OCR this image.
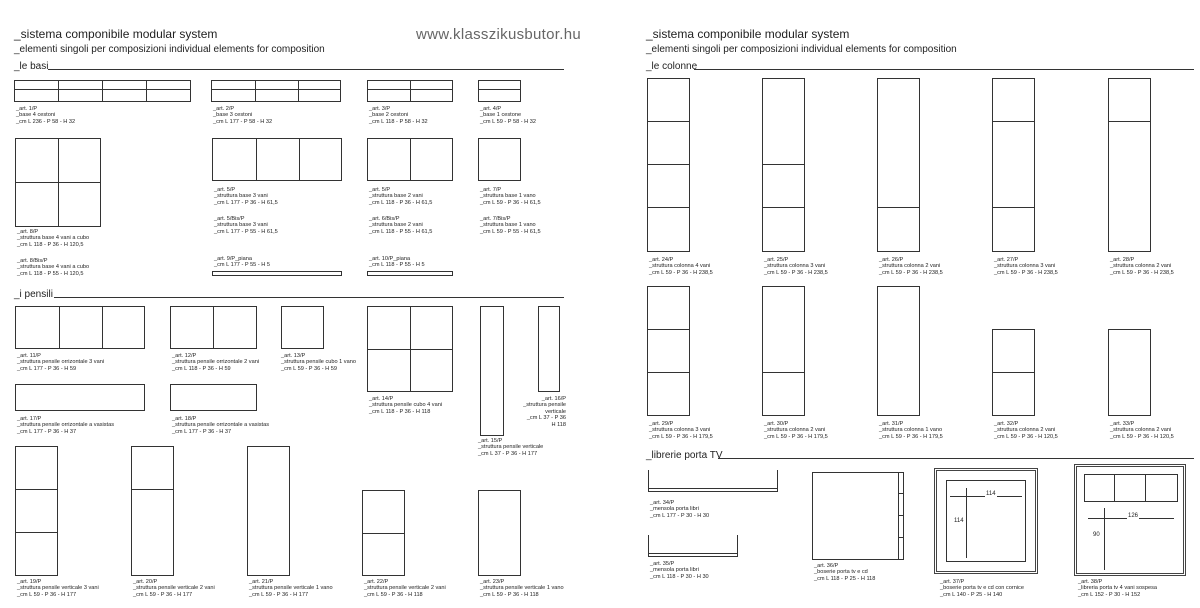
_sistema componibile modular system
_elementi singoli per composizioni individual elements for composition
www.klasszikusbutor.hu
_le basi
_art. 1/P
_base 4 cestoni
_cm L 236 - P 58 - H 32
_art. 2/P
_base 3 cestoni
_cm L 177 - P 58 - H 32
_art. 3/P
_base 2 cestoni
_cm L 118 - P 58 - H 32
_art. 4/P
_base 1 cestone
_cm L 59 - P 58 - H 32
_art. 8/P
_struttura base 4 vani a cubo
_cm L 118 - P 36 - H 120,5
_art. 8/Bis/P
_struttura base 4 vani a cubo
_cm L 118 - P 55 - H 120,5
_art. 5/P
_struttura base 3 vani
_cm L 177 - P 36 - H 61,5
_art. 5/Bis/P
_struttura base 3 vani
_cm L 177 - P 55 - H 61,5
_art. 9/P_piana
_cm L 177 - P 55 - H 5
_art. 5/P
_struttura base 2 vani
_cm L 118 - P 36 - H 61,5
_art. 6/Bis/P
_struttura base 2 vani
_cm L 118 - P 55 - H 61,5
_art. 10/P_piana
_cm L 118 - P 55 - H 5
_art. 7/P
_struttura base 1 vano
_cm L 59 - P 36 - H 61,5
_art. 7/Bis/P
_struttura base 1 vano
_cm L 59 - P 55 - H 61,5
_i pensili
_art. 11/P
_struttura pensile orrizontale 3 vani
_cm L 177 - P 36 - H 59
_art. 12/P
_struttura pensile orrizontale 2 vani
_cm L 118 - P 36 - H 59
_art. 13/P
_struttura pensile cubo 1 vano
_cm L 59 - P 36 - H 59
_art. 14/P
_struttura pensile cubo 4 vani
_cm L 118 - P 36 - H 118
_art. 15/P
_struttura pensile verticale
_cm L 37 - P 36 - H 177
_art. 16/P
_struttura pensile
verticale
_cm L 37 - P 36
H 118
_art. 17/P
_struttura pensile orrizontale a vasistas
_cm L 177 - P 36 - H 37
_art. 18/P
_struttura pensile orrizontale a vasistas
_cm L 177 - P 36 - H 37
_art. 19/P
_struttura pensile verticale 3 vani
_cm L 59 - P 36 - H 177
_art. 20/P
_struttura pensile verticale 2 vani
_cm L 59 - P 36 - H 177
_art. 21/P
_struttura pensile verticale 1 vano
_cm L 59 - P 36 - H 177
_art. 22/P
_struttura pensile verticale 2 vani
_cm L 59 - P 36 - H 118
_art. 23/P
_struttura pensile verticale 1 vano
_cm L 59 - P 36 - H 118
_sistema componibile modular system
_elementi singoli per composizioni individual elements for composition
_le colonne
_art. 24/P
_struttura colonna 4 vani
_cm L 59 - P 36 - H 238,5
_art. 25/P
_struttura colonna 3 vani
_cm L 59 - P 36 - H 238,5
_art. 26/P
_struttura colonna 2 vani
_cm L 59 - P 36 - H 238,5
_art. 27/P
_struttura colonna 3 vani
_cm L 59 - P 36 - H 238,5
_art. 28/P
_struttura colonna 2 vani
_cm L 59 - P 36 - H 238,5
_art. 29/P
_struttura colonna 3 vani
_cm L 59 - P 36 - H 179,5
_art. 30/P
_struttura colonna 2 vani
_cm L 59 - P 36 - H 179,5
_art. 31/P
_struttura colonna 1 vano
_cm L 59 - P 36 - H 179,5
_art. 32/P
_struttura colonna 2 vani
_cm L 59 - P 36 - H 120,5
_art. 33/P
_struttura colonna 2 vani
_cm L 59 - P 36 - H 120,5
_librerie porta TV
_art. 34/P
_mensola porta libri
_cm L 177 - P 30 - H 30
_art. 35/P
_mensola porta libri
_cm L 118 - P 30 - H 30
_art. 36/P
_boserie porta tv e cd
_cm L 118 - P 25 - H 118
114
114
_art. 37/P
_boserie porta tv e cd con cornice
_cm L 140 - P 25 - H 140
126
90
_art. 38/P
_libreria porta tv 4 vani sospesa
_cm L 152 - P 30 - H 152
